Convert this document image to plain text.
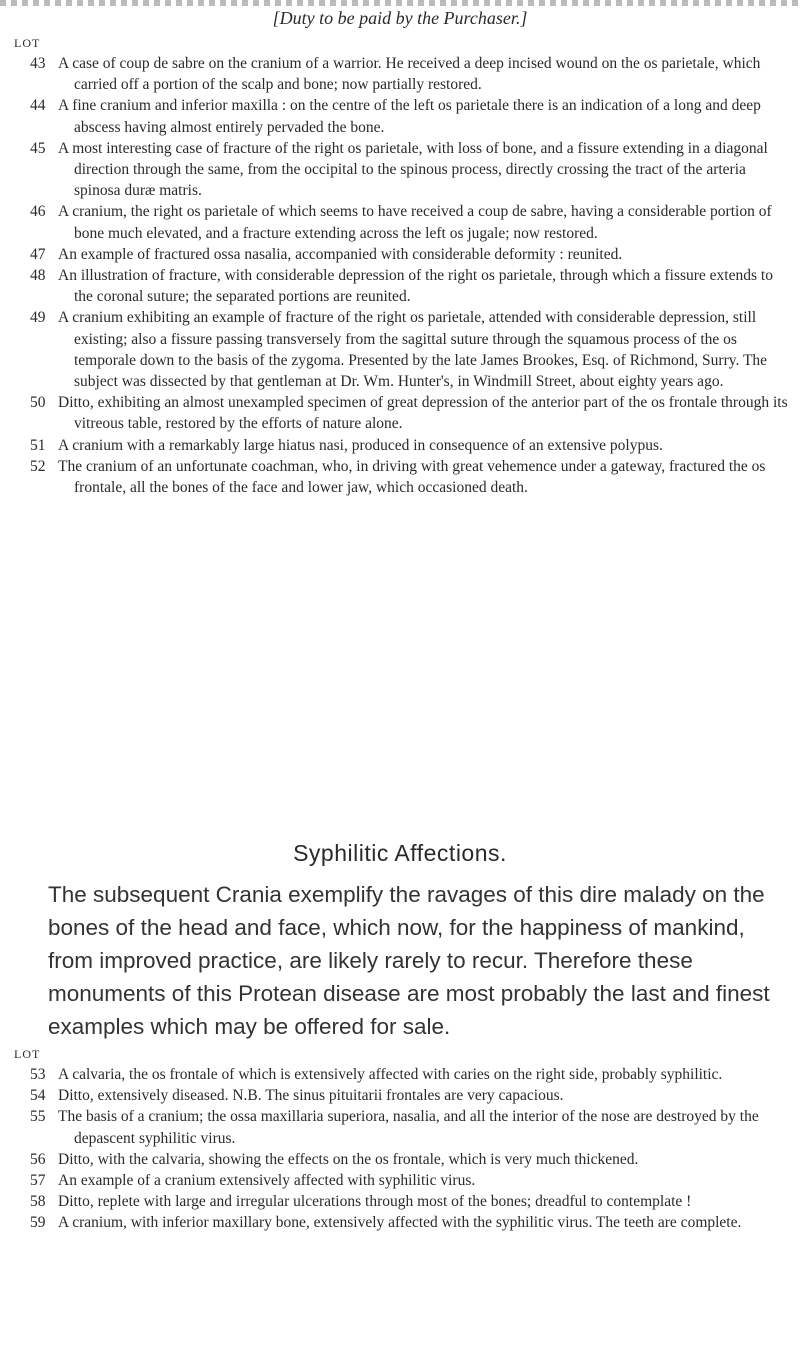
[Duty to be paid by the Purchaser.]
LOT
43 A case of coup de sabre on the cranium of a warrior. He received a deep incised wound on the os parietale, which carried off a portion of the scalp and bone; now partially restored.
44 A fine cranium and inferior maxilla : on the centre of the left os parietale there is an indication of a long and deep abscess having almost entirely pervaded the bone.
45 A most interesting case of fracture of the right os parietale, with loss of bone, and a fissure extending in a diagonal direction through the same, from the occipital to the spinous process, directly crossing the tract of the arteria spinosa duræ matris.
46 A cranium, the right os parietale of which seems to have received a coup de sabre, having a considerable portion of bone much elevated, and a fracture extending across the left os jugale; now restored.
47 An example of fractured ossa nasalia, accompanied with considerable deformity : reunited.
48 An illustration of fracture, with considerable depression of the right os parietale, through which a fissure extends to the coronal suture; the separated portions are reunited.
49 A cranium exhibiting an example of fracture of the right os parietale, attended with considerable depression, still existing; also a fissure passing transversely from the sagittal suture through the squamous process of the os temporale down to the basis of the zygoma. Presented by the late James Brookes, Esq. of Richmond, Surry. The subject was dissected by that gentleman at Dr. Wm. Hunter's, in Windmill Street, about eighty years ago.
50 Ditto, exhibiting an almost unexampled specimen of great depression of the anterior part of the os frontale through its vitreous table, restored by the efforts of nature alone.
51 A cranium with a remarkably large hiatus nasi, produced in consequence of an extensive polypus.
52 The cranium of an unfortunate coachman, who, in driving with great vehemence under a gateway, fractured the os frontale, all the bones of the face and lower jaw, which occasioned death.
Syphilitic Affections.
The subsequent Crania exemplify the ravages of this dire malady on the bones of the head and face, which now, for the happiness of mankind, from improved practice, are likely rarely to recur. Therefore these monuments of this Protean disease are most probably the last and finest examples which may be offered for sale.
LOT
53 A calvaria, the os frontale of which is extensively affected with caries on the right side, probably syphilitic.
54 Ditto, extensively diseased. N.B. The sinus pituitarii frontales are very capacious.
55 The basis of a cranium; the ossa maxillaria superiora, nasalia, and all the interior of the nose are destroyed by the depascent syphilitic virus.
56 Ditto, with the calvaria, showing the effects on the os frontale, which is very much thickened.
57 An example of a cranium extensively affected with syphilitic virus.
58 Ditto, replete with large and irregular ulcerations through most of the bones; dreadful to contemplate !
59 A cranium, with inferior maxillary bone, extensively affected with the syphilitic virus. The teeth are complete.
